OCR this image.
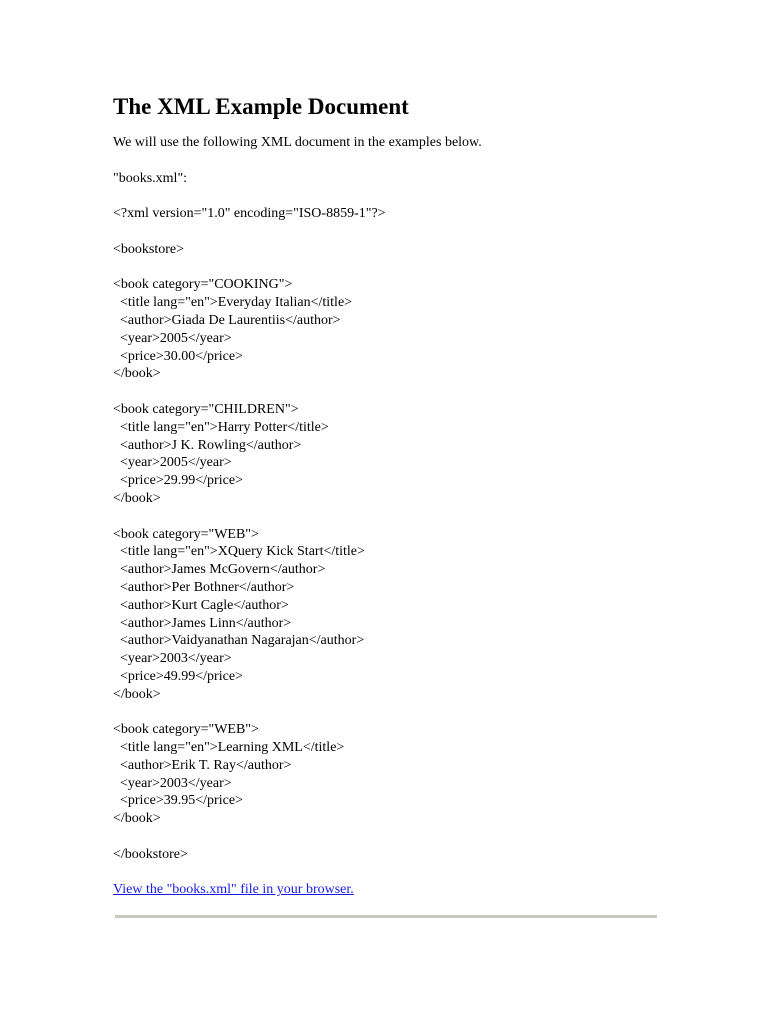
The XML Example Document

We will use the following XML document in the examples below.

"books.xml":

<?xml version="1.0" encoding="ISO-8859-1"?>

<bookstore>

<book category="COOKING">

<title lang="en">Everyday Italian</title>

<author>Giada De Laurentiis</author>

<year>2005</year>

<price>30.00</price>

</book>

<book category="CHILDREN">

<title lang="en">Harry Potter</title>

<author>J K. Rowling</author>

<year>2005</year>

<price>29.99</price>

</book>

<book category="WEB">

<title lang="en">XQuery Kick Start</title>

<author>James McGovern</author>

<author>Per Bothner</author>

<author>Kurt Cagle</author>

<author>James Linn</author>

<author>Vaidyanathan Nagarajan</author>

<year>2003</year>

<price>49.99</price>

</book>

<book category="WEB">

<title lang="en">Learning XML</title>

<author>Erik T. Ray</author>

<year>2003</year>

<price>39.95</price>

</book>

</bookstore>

View the "books.xml" file in your browser.
